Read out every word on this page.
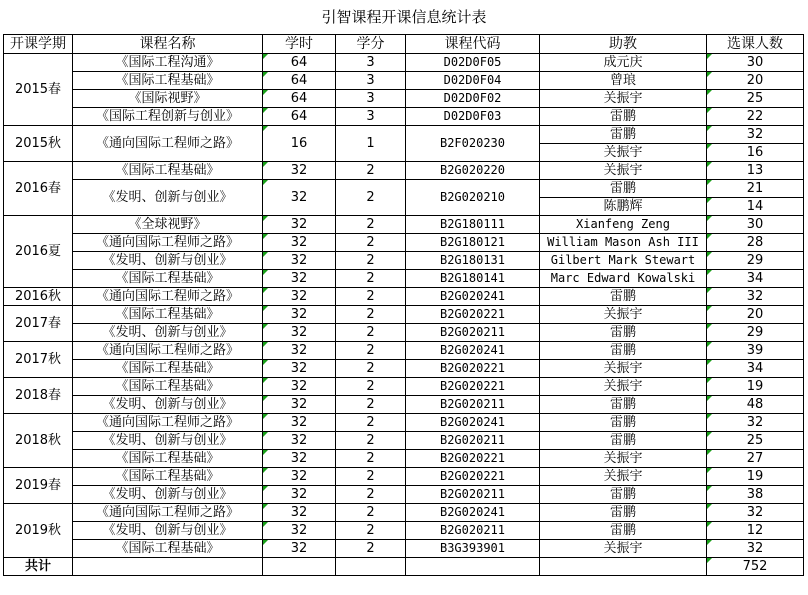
引智课程开课信息统计表
开课学期	课程名称	学时	学分	课程代码	助教	选课人数
2015春	《国际工程沟通》	64	3	D02D0F05	成元庆	30
	《国际工程基础》	64	3	D02D0F04	曾琅	20
	《国际视野》	64	3	D02D0F02	关振宇	25
	《国际工程创新与创业》	64	3	D02D0F03	雷鹏	22
2015秋	《通向国际工程师之路》	16	1	B2F020230	雷鹏	32
					关振宇	16
2016春	《国际工程基础》	32	2	B2G020220	关振宇	13
	《发明、创新与创业》	32	2	B2G020210	雷鹏	21
					陈鹏辉	14
2016夏	《全球视野》	32	2	B2G180111	Xianfeng Zeng	30
	《通向国际工程师之路》	32	2	B2G180121	William Mason Ash III	28
	《发明、创新与创业》	32	2	B2G180131	Gilbert Mark Stewart	29
	《国际工程基础》	32	2	B2G180141	Marc Edward Kowalski	34
2016秋	《通向国际工程师之路》	32	2	B2G020241	雷鹏	32

2017春	《国际工程基础》	32	2	B2G020221	关振宇	20
	《发明、创新与创业》	32	2	B2G020211	雷鹏	29
2017秋	《通向国际工程师之路》	32	2	B2G020241	雷鹏	39
	《国际工程基础》	32	2	B2G020221	关振宇	34
2018春	《国际工程基础》	32	2	B2G020221	关振宇	19
	《发明、创新与创业》	32	2	B2G020211	雷鹏	48
2018秋	《通向国际工程师之路》	32	2	B2G020241	雷鹏	32
	《发明、创新与创业》	32	2	B2G020211	雷鹏	25
	《国际工程基础》	32	2	B2G020221	关振宇	27
2019春	《国际工程基础》	32	2	B2G020221	关振宇	19
	《发明、创新与创业》	32	2	B2G020211	雷鹏	38
2019秋	《通向国际工程师之路》	32	2	B2G020241	雷鹏	32
	《发明、创新与创业》	32	2	B2G020211	雷鹏	12
	《国际工程基础》	32	2	B3G393901	关振宇	32
共计						752
